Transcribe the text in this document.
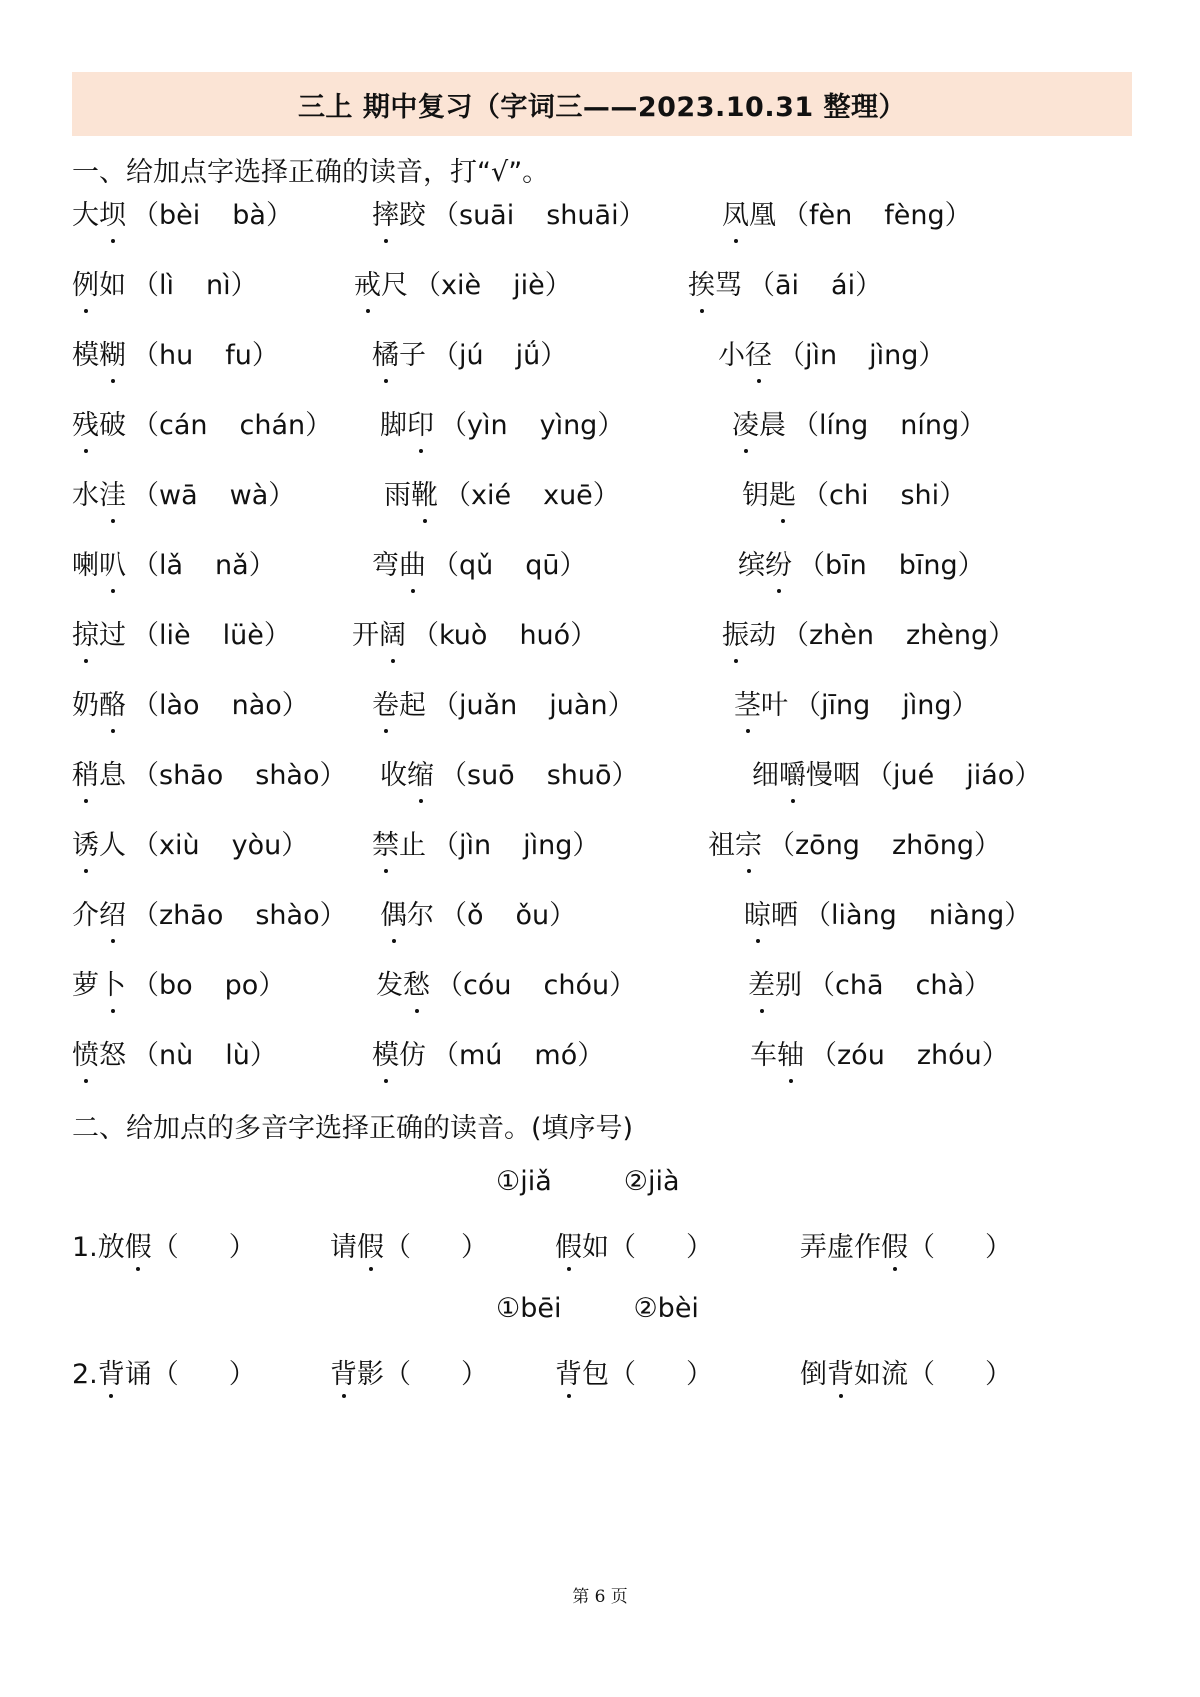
三上 期中复习（字词三——2023.10.31 整理）
一、给加点字选择正确的读音，打“√”。
大坝 （bèi bà）	摔跤 （suāi shuāi）	凤凰 （fèn fèng）
例如 （lì nì）	戒尺 （xiè jiè）	挨骂 （āi ái）
模糊 （hu fu）	橘子 （jú jǘ）	小径 （jìn jìng）
残破 （cán chán） 脚印 （yìn yìng）	凌晨 （líng níng）
水洼 （wā wà）	雨靴 （xié xuē）	钥匙 （chi shi）
喇叭 （lǎ nǎ）	弯曲 （qǔ qū）	缤纷 （bīn bīng）
掠过 （liè lüè） 开阔 （kuò huó）	振动 （zhèn zhèng）
奶酪 （lào nào） 卷起 （juǎn juàn）	茎叶 （jīng jìng）
稍息 （shāo shào） 收缩 （suō shuō）	细嚼慢咽 （jué jiáo）
诱人 （xiù yòu） 禁止 （jìn jìng）	祖宗 （zōng zhōng）
介绍 （zhāo shào） 偶尔 （ǒ ǒu）	晾晒 （liàng niàng）
萝卜 （bo po）	发愁 （cóu chóu）	差别 （chā chà）
愤怒 （nù lù）	模仿 （mú mó）	车轴 （zóu zhóu）
二、给加点的多音字选择正确的读音。(填序号)
①jiǎ	②jià
1.放假（ ）	请假（ ） 假如（ ）	弄虚作假（ ）
①bēi	②bèi
2.背诵（ ）	背影（ ） 背包（ ）	倒背如流（ ）
第 6 页
